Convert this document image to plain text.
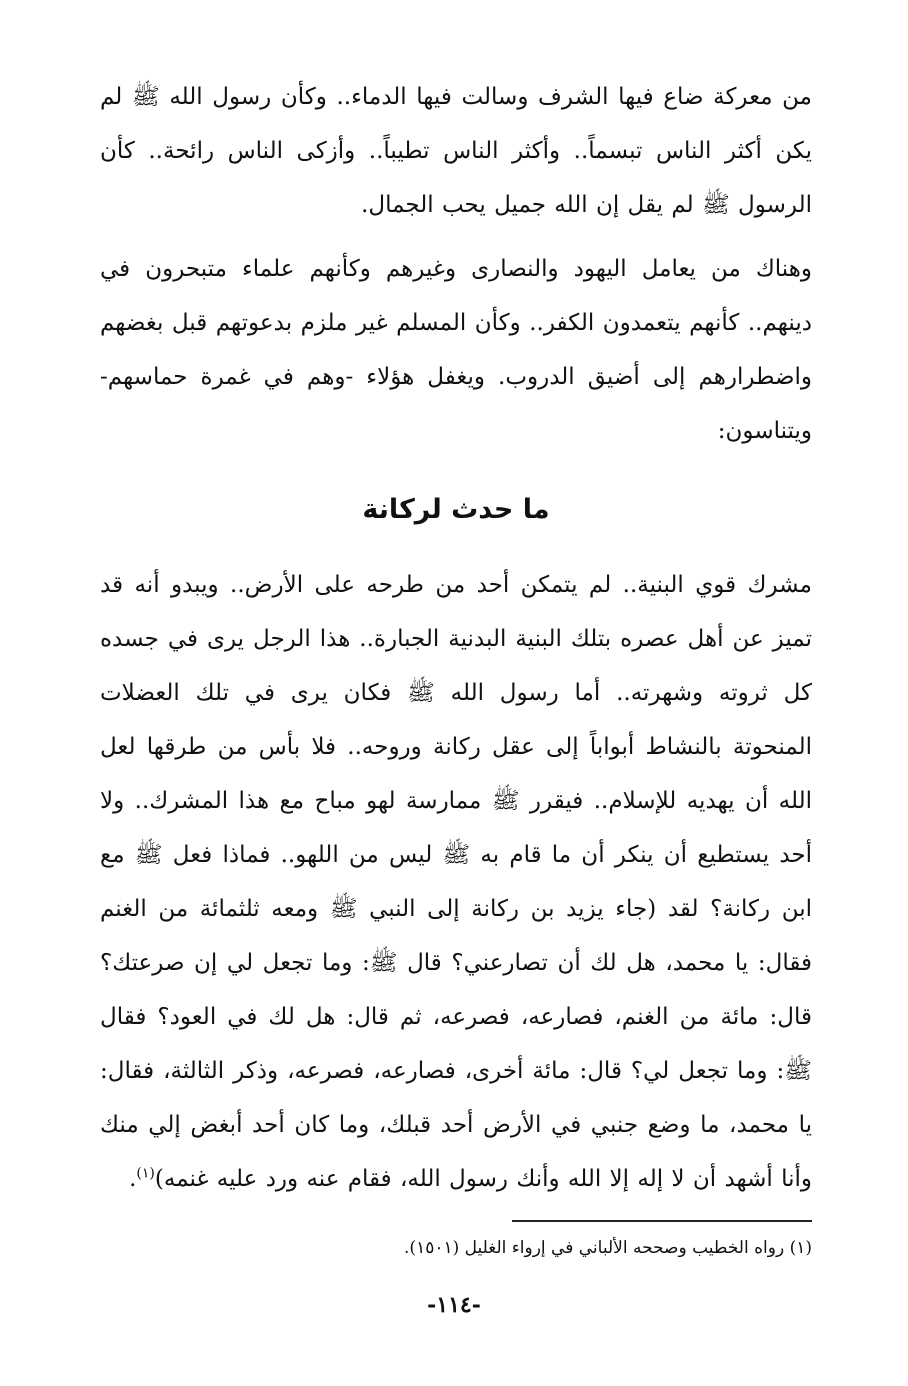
من معركة ضاع فيها الشرف وسالت فيها الدماء.. وكأن رسول الله ﷺ لم يكن أكثر الناس تبسماً.. وأكثر الناس تطيباً.. وأزكى الناس رائحة.. كأن الرسول ﷺ لم يقل إن الله جميل يحب الجمال.

وهناك من يعامل اليهود والنصارى وغيرهم وكأنهم علماء متبحرون في دينهم.. كأنهم يتعمدون الكفر.. وكأن المسلم غير ملزم بدعوتهم قبل بغضهم واضطرارهم إلى أضيق الدروب. ويغفل هؤلاء -وهم في غمرة حماسهم- ويتناسون:

ما حدث لركانة

مشرك قوي البنية.. لم يتمكن أحد من طرحه على الأرض.. ويبدو أنه قد تميز عن أهل عصره بتلك البنية البدنية الجبارة.. هذا الرجل يرى في جسده كل ثروته وشهرته.. أما رسول الله ﷺ فكان يرى في تلك العضلات المنحوتة بالنشاط أبواباً إلى عقل ركانة وروحه.. فلا بأس من طرقها لعل الله أن يهديه للإسلام.. فيقرر ﷺ ممارسة لهو مباح مع هذا المشرك.. ولا أحد يستطيع أن ينكر أن ما قام به ﷺ ليس من اللهو.. فماذا فعل ﷺ مع ابن ركانة؟ لقد (جاء يزيد بن ركانة إلى النبي ﷺ ومعه ثلثمائة من الغنم فقال: يا محمد، هل لك أن تصارعني؟ قال ﷺ: وما تجعل لي إن صرعتك؟ قال: مائة من الغنم، فصارعه، فصرعه، ثم قال: هل لك في العود؟ فقال ﷺ: وما تجعل لي؟ قال: مائة أخرى، فصارعه، فصرعه، وذكر الثالثة، فقال: يا محمد، ما وضع جنبي في الأرض أحد قبلك، وما كان أحد أبغض إلي منك وأنا أشهد أن لا إله إلا الله وأنك رسول الله، فقام عنه ورد عليه غنمه)$^{(١)}$.

(١) رواه الخطيب وصححه الألباني في إرواء الغليل (١٥٠١).

-١١٤-
